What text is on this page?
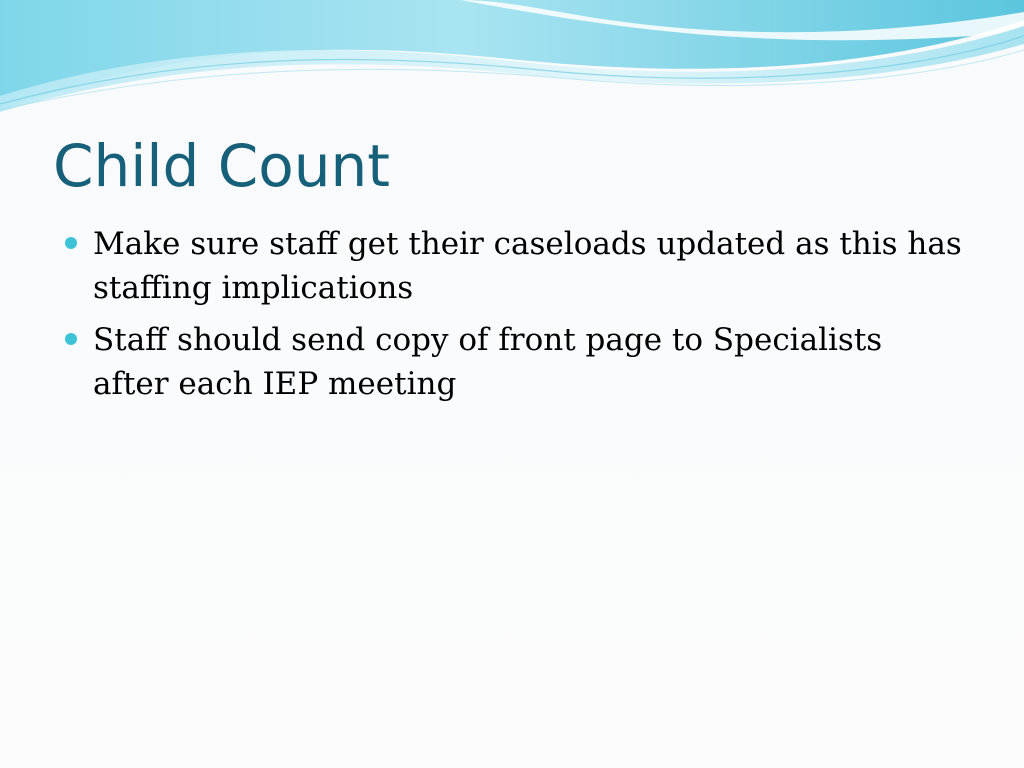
Child Count
Make sure staff get their caseloads updated as this has staffing implications
Staff should send copy of front page to Specialists after each IEP meeting
